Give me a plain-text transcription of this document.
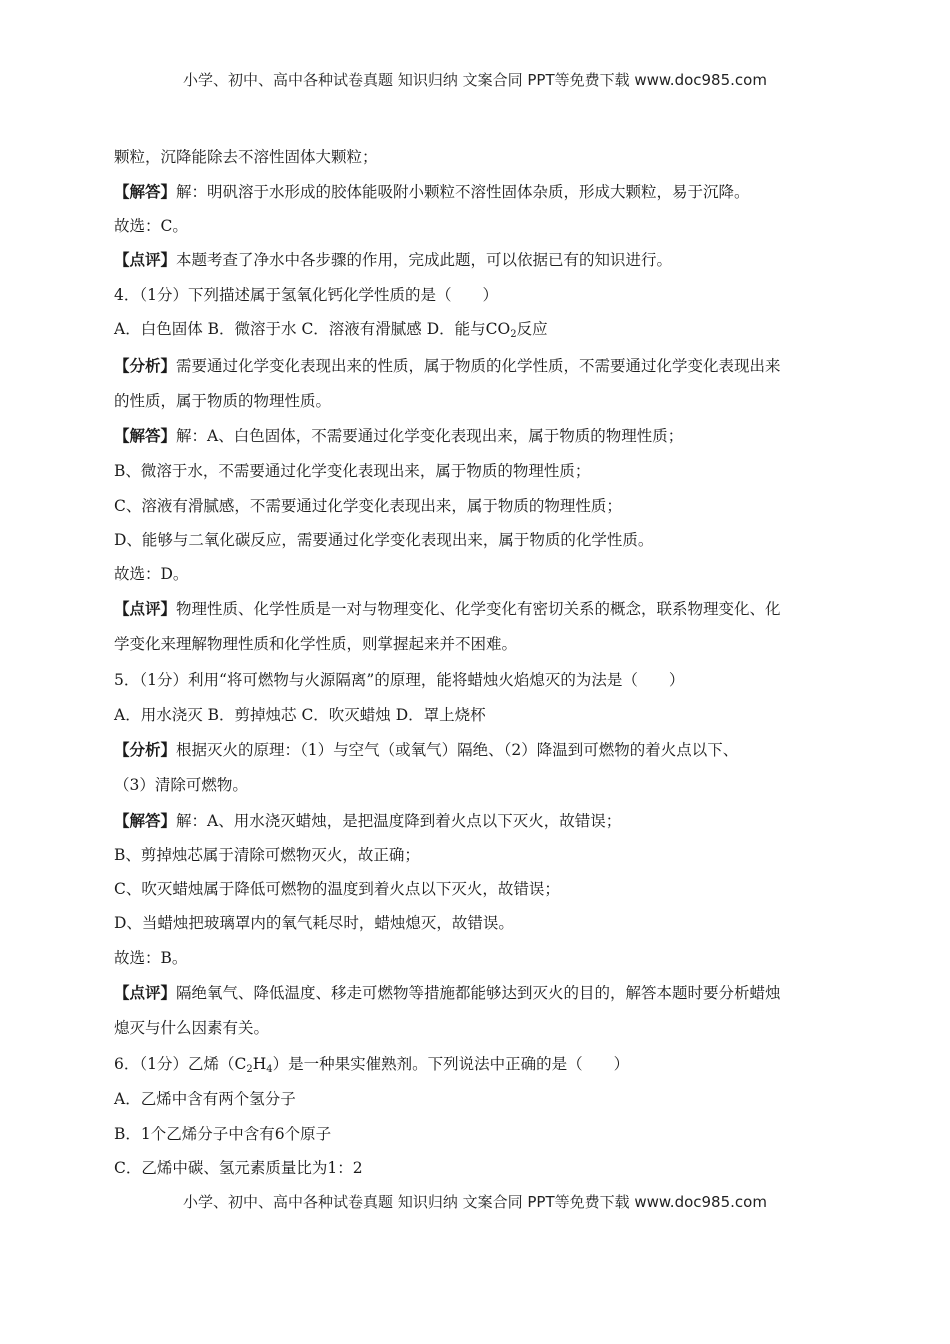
小学、初中、高中各种试卷真题 知识归纳 文案合同 PPT等免费下载 www.doc985.com
颗粒，沉降能除去不溶性固体大颗粒；
【解答】解：明矾溶于水形成的胶体能吸附小颗粒不溶性固体杂质，形成大颗粒，易于沉降。
故选：C。
【点评】本题考查了净水中各步骤的作用，完成此题，可以依据已有的知识进行。
4．（1分）下列描述属于氢氧化钙化学性质的是（　　）
A．白色固体 B．微溶于水 C．溶液有滑腻感 D．能与$CO_2$反应
【分析】需要通过化学变化表现出来的性质，属于物质的化学性质，不需要通过化学变化表现出来
的性质，属于物质的物理性质。
【解答】解：A、白色固体，不需要通过化学变化表现出来，属于物质的物理性质；
B、微溶于水，不需要通过化学变化表现出来，属于物质的物理性质；
C、溶液有滑腻感，不需要通过化学变化表现出来，属于物质的物理性质；
D、能够与二氧化碳反应，需要通过化学变化表现出来，属于物质的化学性质。
故选：D。
【点评】物理性质、化学性质是一对与物理变化、化学变化有密切关系的概念，联系物理变化、化
学变化来理解物理性质和化学性质，则掌握起来并不困难。
5．（1分）利用“将可燃物与火源隔离”的原理，能将蜡烛火焰熄灭的为法是（　　）
A．用水浇灭 B．剪掉烛芯 C．吹灭蜡烛 D．罩上烧杯
【分析】根据灭火的原理：（1）与空气（或氧气）隔绝、（2）降温到可燃物的着火点以下、
（3）清除可燃物。
【解答】解：A、用水浇灭蜡烛，是把温度降到着火点以下灭火，故错误；
B、剪掉烛芯属于清除可燃物灭火，故正确；
C、吹灭蜡烛属于降低可燃物的温度到着火点以下灭火，故错误；
D、当蜡烛把玻璃罩内的氧气耗尽时，蜡烛熄灭，故错误。
故选：B。
【点评】隔绝氧气、降低温度、移走可燃物等措施都能够达到灭火的目的，解答本题时要分析蜡烛
熄灭与什么因素有关。
6．（1分）乙烯$(C_2H_4)$是一种果实催熟剂。下列说法中正确的是（　　）
A．乙烯中含有两个氢分子
B．1个乙烯分子中含有6个原子
C．乙烯中碳、氢元素质量比为1：2
小学、初中、高中各种试卷真题 知识归纳 文案合同 PPT等免费下载 www.doc985.com
